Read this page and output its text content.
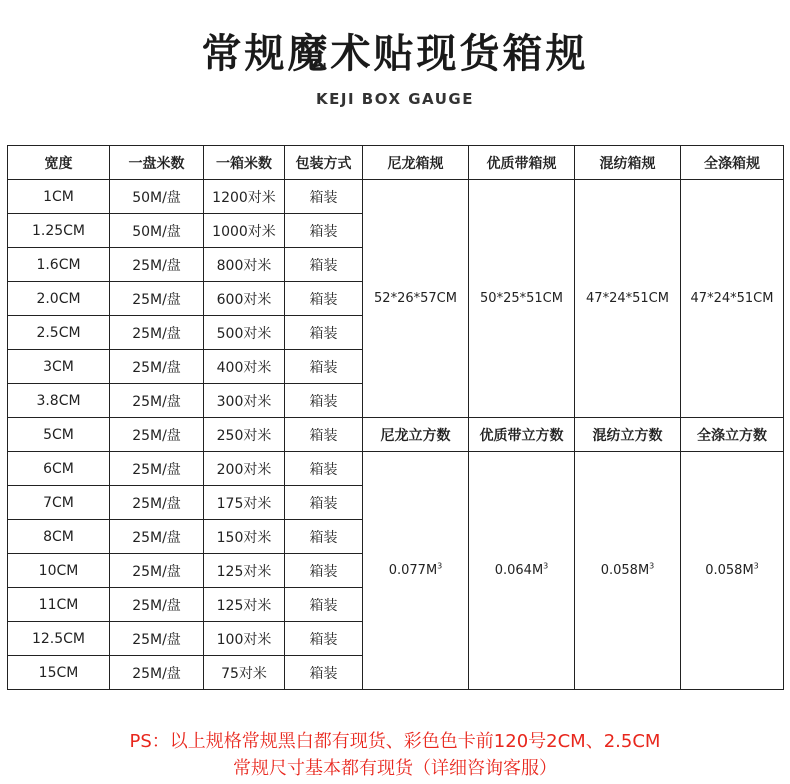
常规魔术贴现货箱规
KEJI BOX GAUGE
宽度	一盘米数	一箱米数	包装方式	尼龙箱规	优质带箱规	混纺箱规	全涤箱规
1CM	50M/盘	1200对米	箱装	52*26*57CM	50*25*51CM	47*24*51CM	47*24*51CM
1.25CM	50M/盘	1000对米	箱装				
1.6CM	25M/盘	800对米	箱装				
2.0CM	25M/盘	600对米	箱装				
2.5CM	25M/盘	500对米	箱装				
3CM	25M/盘	400对米	箱装				
3.8CM	25M/盘	300对米	箱装				
5CM	25M/盘	250对米	箱装	尼龙立方数	优质带立方数	混纺立方数	全涤立方数
6CM	25M/盘	200对米	箱装	$0.077M^3$	$0.064M^3$	$0.058M^3$	$0.058M^3$
7CM	25M/盘	175对米	箱装				
8CM	25M/盘	150对米	箱装				
10CM	25M/盘	125对米	箱装				
11CM	25M/盘	125对米	箱装				
12.5CM	25M/盘	100对米	箱装				
15CM	25M/盘	75对米	箱装				
PS：以上规格常规黑白都有现货、彩色色卡前120号2CM、2.5CM
常规尺寸基本都有现货（详细咨询客服）
